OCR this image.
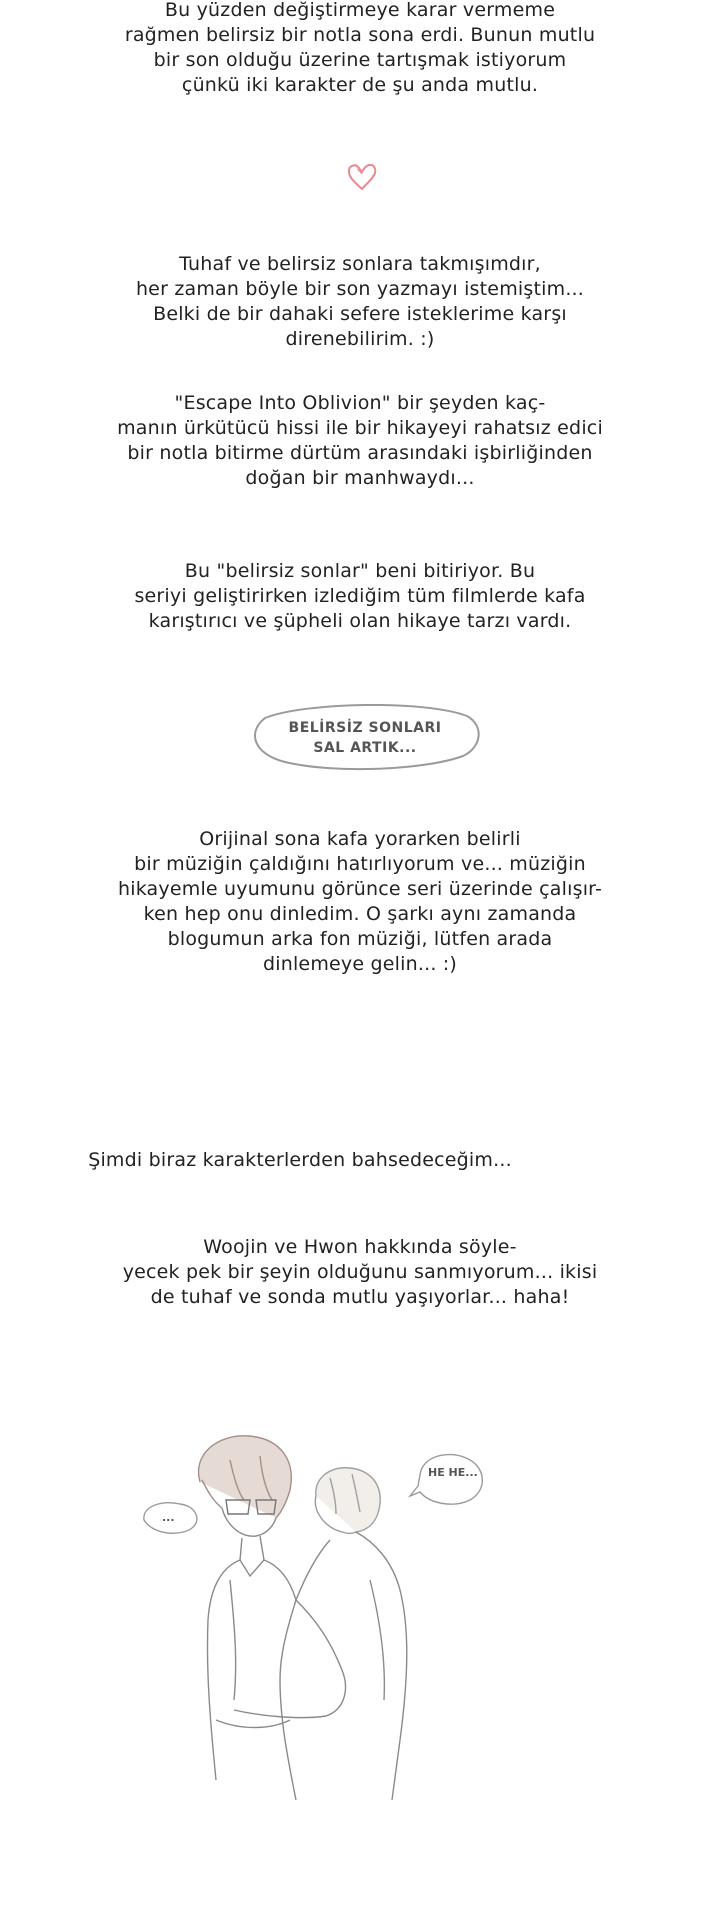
Bu yüzden değiştirmeye karar vermeme
rağmen belirsiz bir notla sona erdi. Bunun mutlu
bir son olduğu üzerine tartışmak istiyorum
çünkü iki karakter de şu anda mutlu.
Tuhaf ve belirsiz sonlara takmışımdır,
her zaman böyle bir son yazmayı istemiştim...
Belki de bir dahaki sefere isteklerime karşı
direnebilirim. :)
"Escape Into Oblivion" bir şeyden kaç-
manın ürkütücü hissi ile bir hikayeyi rahatsız edici
bir notla bitirme dürtüm arasındaki işbirliğinden
doğan bir manhwaydı...
Bu "belirsiz sonlar" beni bitiriyor. Bu
seriyi geliştirirken izlediğim tüm filmlerde kafa
karıştırıcı ve şüpheli olan hikaye tarzı vardı.
BELİRSİZ SONLARI
SAL ARTIK...
Orijinal sona kafa yorarken belirli
bir müziğin çaldığını hatırlıyorum ve... müziğin
hikayemle uyumunu görünce seri üzerinde çalışır-
ken hep onu dinledim. O şarkı aynı zamanda
blogumun arka fon müziği, lütfen arada
dinlemeye gelin... :)
Şimdi biraz karakterlerden bahsedeceğim...
Woojin ve Hwon hakkında söyle-
yecek pek bir şeyin olduğunu sanmıyorum... ikisi
de tuhaf ve sonda mutlu yaşıyorlar... haha!
...
HE HE...
